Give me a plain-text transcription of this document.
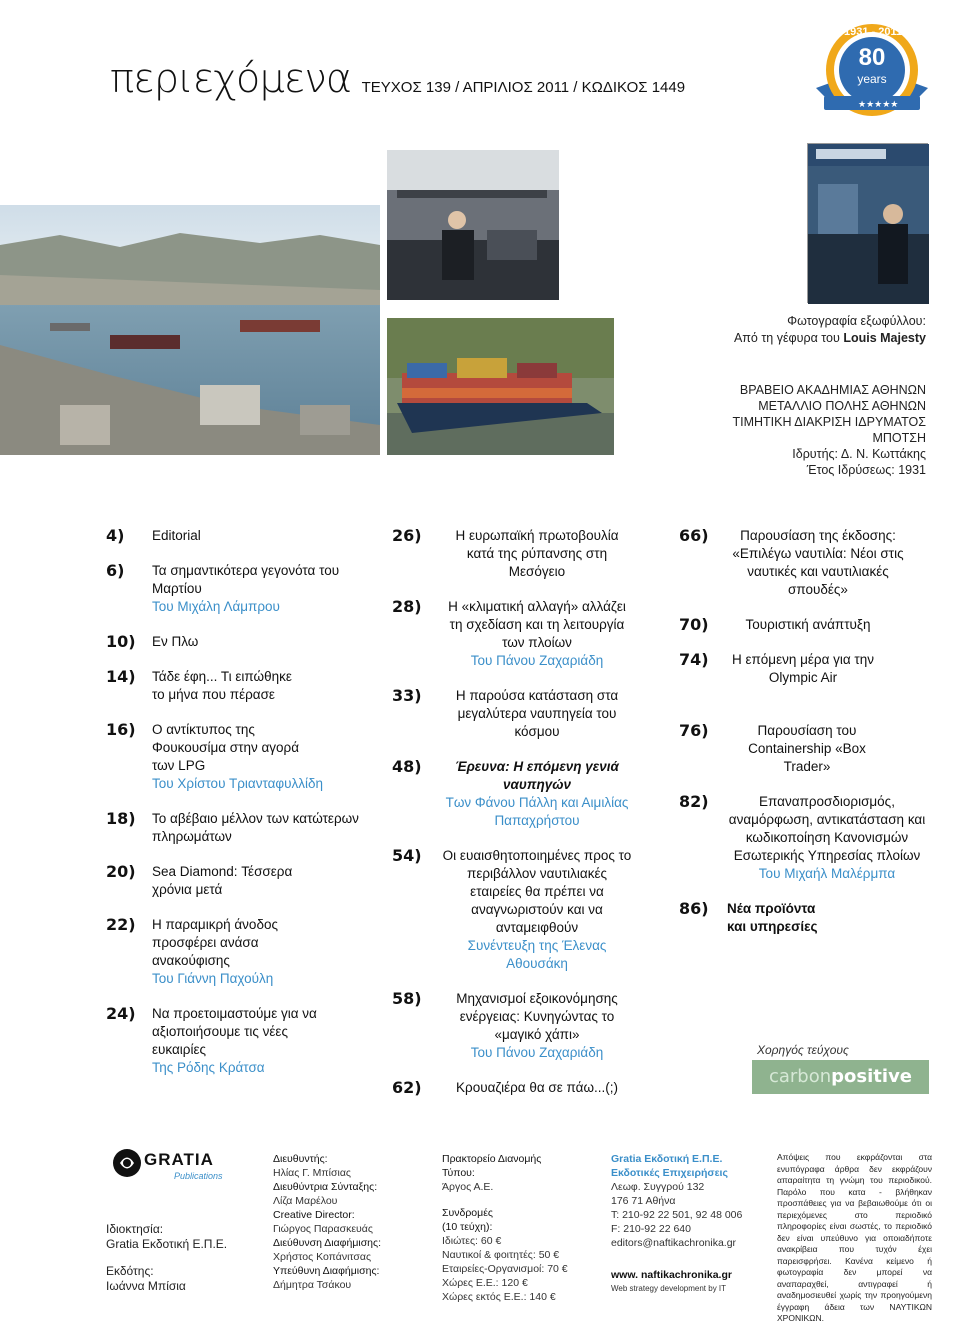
περιεχόμενα ΤΕΥΧΟΣ 139 / ΑΠΡΙΛΙΟΣ 2011 / ΚΩΔΙΚΟΣ 1449
★★★★★
1931 - 2011
80
years
Φωτογραφία εξωφύλλου:
Από τη γέφυρα του Louis Majesty
ΒΡΑΒΕΙΟ ΑΚΑΔΗΜΙΑΣ ΑΘΗΝΩΝ
ΜΕΤΑΛΛΙΟ ΠΟΛΗΣ ΑΘΗΝΩΝ
ΤΙΜΗΤΙΚΗ ΔΙΑΚΡΙΣΗ ΙΔΡΥΜΑΤΟΣ
ΜΠΟΤΣΗ
Ιδρυτής: Δ. Ν. Κωττάκης
Έτος Ιδρύσεως: 1931
4) Editorial
6) Τα σημαντικότερα γεγονότα του Μαρτίου
Του Μιχάλη Λάμπρου
10) Εν Πλω
14) Τάδε έφη... Τι ειπώθηκε το μήνα που πέρασε
16) Ο αντίκτυπος της Φουκουσίμα στην αγορά των LPG
Του Χρίστου Τριανταφυλλίδη
18) Το αβέβαιο μέλλον των κατώτερων πληρωμάτων
20) Sea Diamond: Τέσσερα χρόνια μετά
22) Η παραμικρή άνοδος προσφέρει ανάσα ανακούφισης
Του Γιάννη Παχούλη
24) Να προετοιμαστούμε για να αξιοποιήσουμε τις νέες ευκαιρίες
Της Ρόδης Κράτσα
26)	Η ευρωπαϊκή πρωτοβουλία κατά της ρύπανσης στη Μεσόγειο
28)	Η «κλιματική αλλαγή» αλλάζει τη σχεδίαση και τη λειτουργία των πλοίων
Του Πάνου Ζαχαριάδη
33)	Η παρούσα κατάσταση στα μεγαλύτερα ναυπηγεία του κόσμου
48)	Έρευνα: Η επόμενη γενιά ναυπηγών
Των Φάνου Πάλλη και Αιμιλίας Παπαχρήστου
54) Οι ευαισθητοποιημένες προς το περιβάλλον ναυτιλιακές εταιρείες θα πρέπει να αναγνωριστούν και να ανταμειφθούν
Συνέντευξη της Έλενας Αθουσάκη
58)	Μηχανισμοί εξοικονόμησης ενέργειας: Κυνηγώντας το «μαγικό χάπι»
Του Πάνου Ζαχαριάδη
62)	Κρουαζιέρα θα σε πάω...(;)
66)	Παρουσίαση της έκδοσης: «Επιλέγω ναυτιλία: Νέοι στις ναυτικές και ναυτιλιακές σπουδές»
70)	Τουριστική ανάπτυξη
74)	Η επόμενη μέρα για την Olympic Air
76)	Παρουσίαση του Containership «Box Trader»
82)	Επαναπροσδιορισμός, αναμόρφωση, αντικατάσταση και κωδικοποίηση Κανονισμών Εσωτερικής Υπηρεσίας πλοίων
Του Μιχαήλ Μαλέρμπα
86) Νέα προϊόντα και υπηρεσίες
Χορηγός τεύχους
carbonpositive
GRATIA
Publications
Ιδιοκτησία:
Gratia Εκδοτική Ε.Π.Ε.
Εκδότης:
Ιωάννα Μπίσια
Διευθυντής:
Ηλίας Γ. Μπίσιας
Διευθύντρια Σύνταξης:
Λίζα Μαρέλου
Creative Director:
Γιώργος Παρασκευάς
Διεύθυνση Διαφήμισης:
Χρήστος Κοπάνιτσας
Υπεύθυνη Διαφήμισης:
Δήμητρα Τσάκου
Πρακτορείο Διανομής Τύπου:
Άργος Α.Ε.
Συνδρομές
(10 τεύχη):
Ιδιώτες: 60 €
Ναυτικοί & φοιτητές: 50 €
Εταιρείες-Οργανισμοί: 70 €
Χώρες Ε.Ε.: 120 €
Χώρες εκτός Ε.Ε.: 140 €
Gratia Εκδοτική Ε.Π.Ε.
Εκδοτικές Επιχειρήσεις
Λεωφ. Συγγρού 132
176 71 Αθήνα
T: 210-92 22 501, 92 48 006
F: 210-92 22 640
editors@naftikachronika.gr
www. naftikachronika.gr
Web strategy development by IT
Απόψεις που εκφράζονται στα ενυπόγραφα άρθρα δεν εκφράζουν απαραίτητα τη γνώμη του περιοδικού. Παρόλο που κατα - βλήθηκαν προσπάθειες για να βεβαιωθούμε ότι οι περιεχόμενες στο περιοδικό πληροφορίες είναι σωστές, το περιοδικό δεν είναι υπεύθυνο για οποιαδήποτε ανακρίβεια που τυχόν έχει παρεισφρήσει. Κανένα κείμενο ή φωτογραφία δεν μπορεί να αναπαραχθεί, αντιγραφεί ή αναδημοσιευθεί χωρίς την προηγούμενη έγγραφη άδεια των ΝΑΥΤΙΚΩΝ ΧΡΟΝΙΚΩΝ.
